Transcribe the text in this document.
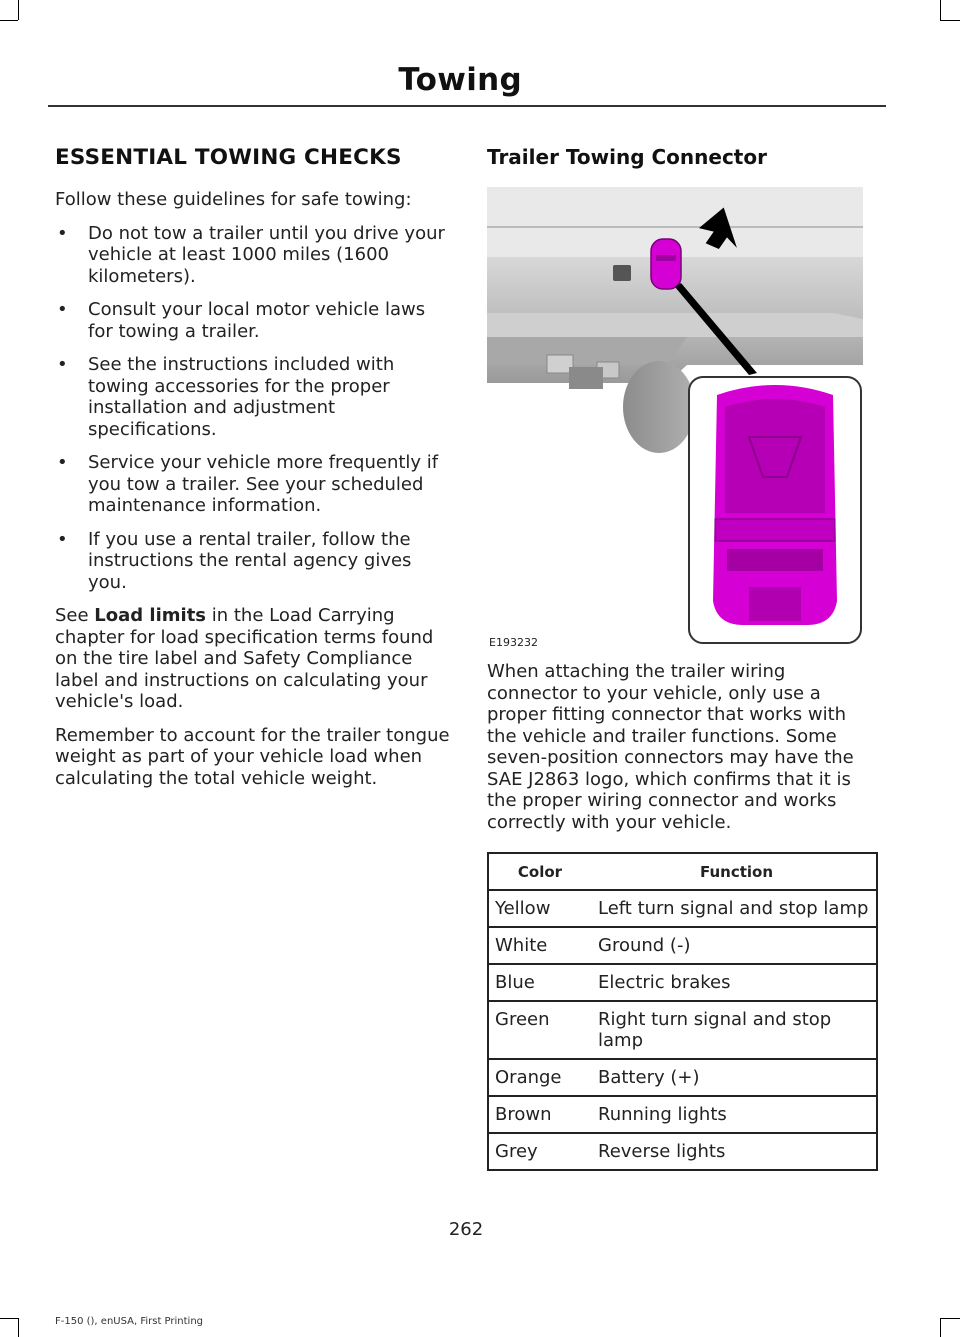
Towing
ESSENTIAL TOWING CHECKS

Follow these guidelines for safe towing:

• Do not tow a trailer until you drive your vehicle at least 1000 miles (1600 kilometers).
• Consult your local motor vehicle laws for towing a trailer.
• See the instructions included with towing accessories for the proper installation and adjustment specifications.
• Service your vehicle more frequently if you tow a trailer. See your scheduled maintenance information.
• If you use a rental trailer, follow the instructions the rental agency gives you.

See Load limits in the Load Carrying chapter for load specification terms found on the tire label and Safety Compliance label and instructions on calculating your vehicle's load.

Remember to account for the trailer tongue weight as part of your vehicle load when calculating the total vehicle weight.

Trailer Towing Connector
E193232

When attaching the trailer wiring connector to your vehicle, only use a proper fitting connector that works with the vehicle and trailer functions. Some seven-position connectors may have the SAE J2863 logo, which confirms that it is the proper wiring connector and works correctly with your vehicle.

Color	Function
Yellow	Left turn signal and stop lamp
White	Ground (-)
Blue	Electric brakes
Green	Right turn signal and stop lamp
Orange	Battery (+)
Brown	Running lights
Grey	Reverse lights
262
F-150 (), enUSA, First Printing
